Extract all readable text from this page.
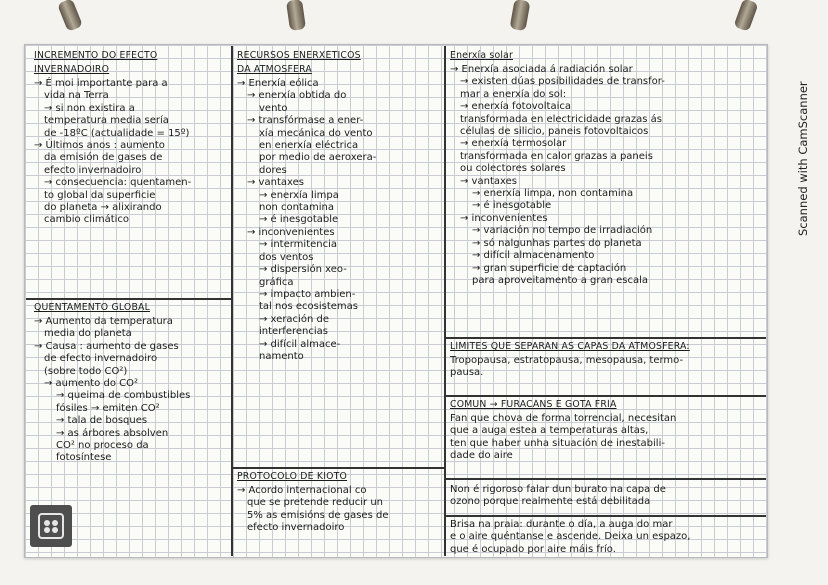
INCREMENTO DO EFECTO
INVERNADOIRO
→ É moi importante para a
vida na Terra
→ si non existira a
temperatura media sería
de -18ºC (actualidade = 15º)
→ Últimos anos : aumento
da emisión de gases de
efecto invernadoiro
→ consecuencia: quentamen-
to global da superficie
do planeta → alixirando
cambio climático
QUENTAMENTO GLOBAL
→ Aumento da temperatura
media do planeta
→ Causa : aumento de gases
de efecto invernadoiro
(sobre todo CO²)
→ aumento do CO²
→ queima de combustibles
fósiles → emiten CO²
→ tala de bosques
→ as árbores absolven
CO² no proceso da
fotosíntese
RECURSOS ENERXÉTICOS
DA ATMOSFERA
→ Enerxía eólica
→ enerxía obtida do
vento
→ transfórmase a ener-
xía mecánica do vento
en enerxía eléctrica
por medio de aeroxera-
dores
→ vantaxes
→ enerxía limpa
non contamina
→ é inesgotable
→ inconvenientes
→ intermitencia
dos ventos
→ dispersión xeo-
gráfica
→ impacto ambien-
tal nos ecosistemas
→ xeración de
interferencias
→ difícil almace-
namento
PROTOCOLO DE KIOTO
→ Acordo internacional co
que se pretende reducir un
5% as emisións de gases de
efecto invernadoiro
Enerxía solar
→ Enerxía asociada á radiación solar
→ existen dúas posibilidades de transfor-
mar a enerxía do sol:
→ enerxía fotovoltaica
transformada en electricidade grazas ás
células de silicio, paneis fotovoltaicos
→ enerxía termosolar
transformada en calor grazas a paneis
ou colectores solares
→ vantaxes
→ enerxía limpa, non contamina
→ é inesgotable
→ inconvenientes
→ variación no tempo de irradiación
→ só nalgunhas partes do planeta
→ difícil almacenamento
→ gran superficie de captación
para aproveitamento a gran escala
LÍMITES QUE SEPARAN AS CAPAS DA ATMOSFERA:
Tropopausa, estratopausa, mesopausa, termo-
pausa.
COMÚN → FURACÁNS E GOTA FRÍA
Fan que chova de forma torrencial, necesitan
que a auga estea a temperaturas altas,
ten que haber unha situación de inestabili-
dade do aire
Non é rigoroso falar dun burato na capa de
ozono porque realmente está debilitada
Brisa na praia: durante o día, a auga do mar
e o aire quéntanse e ascende. Deixa un espazo,
que é ocupado por aire máis frío.
Scanned with CamScanner
